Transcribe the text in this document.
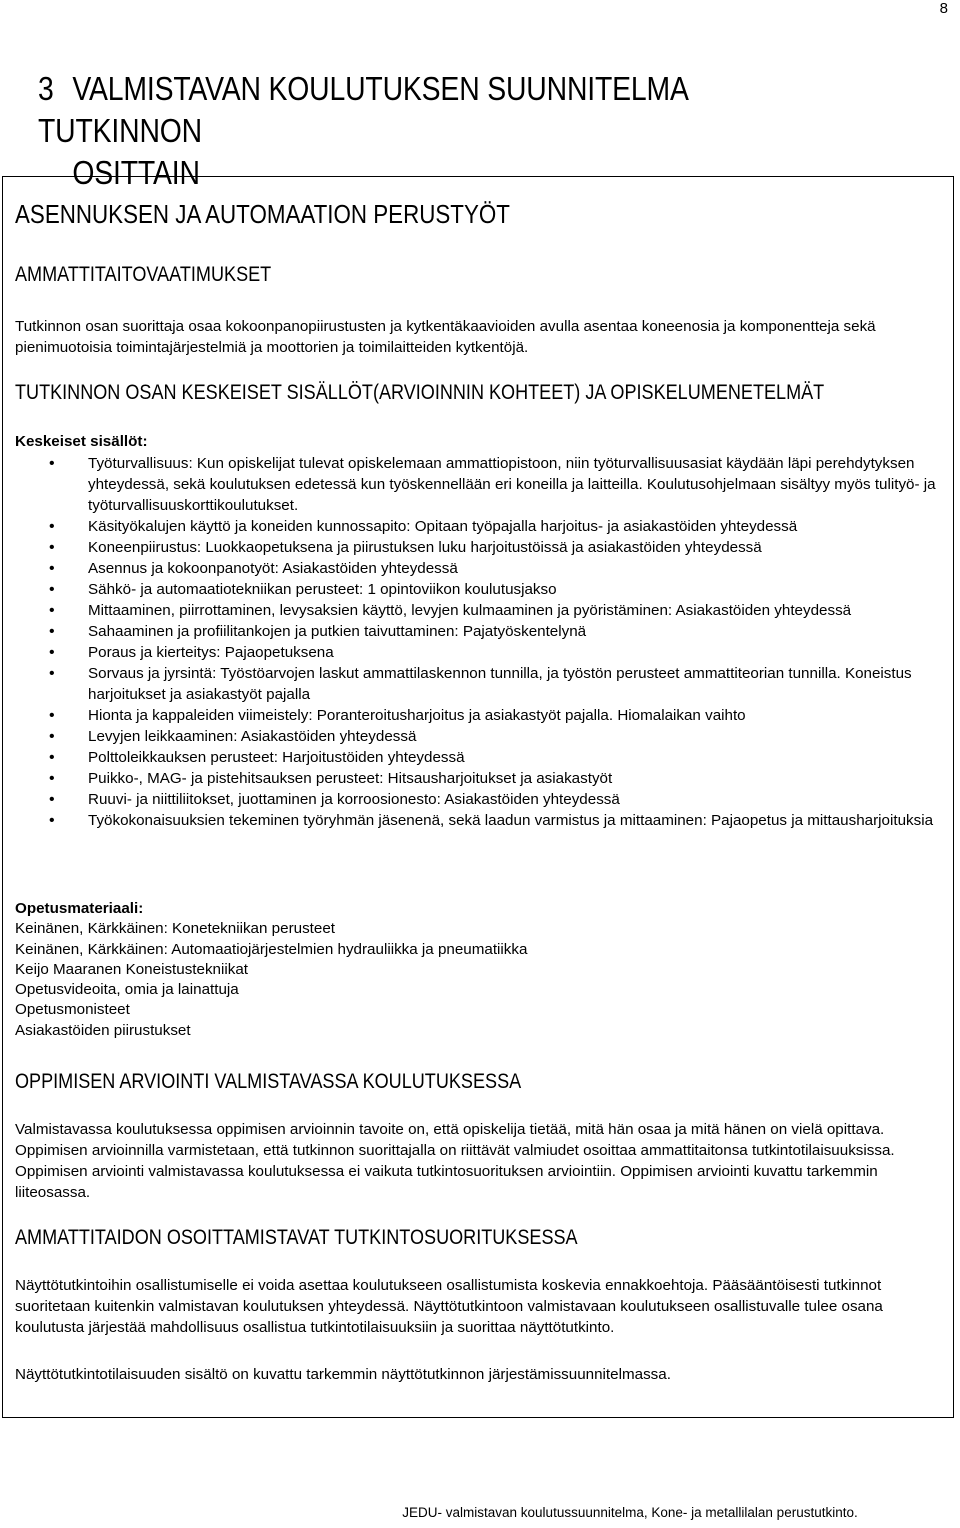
8
3 VALMISTAVAN KOULUTUKSEN SUUNNITELMA TUTKINNON
OSITTAIN
ASENNUKSEN JA AUTOMAATION PERUSTYÖT
AMMATTITAITOVAATIMUKSET

Tutkinnon osan suorittaja osaa kokoonpanopiirustusten ja kytkentäkaavioiden avulla asentaa koneenosia ja komponentteja sekä pienimuotoisia toimintajärjestelmiä ja moottorien ja toimilaitteiden kytkentöjä.

TUTKINNON OSAN KESKEISET SISÄLLÖT(ARVIOINNIN KOHTEET) JA OPISKELUMENETELMÄT

Keskeiset sisällöt:

• Työturvallisuus: Kun opiskelijat tulevat opiskelemaan ammattiopistoon, niin työturvallisuusasiat käydään läpi perehdytyksen yhteydessä, sekä koulutuksen edetessä kun työskennellään eri koneilla ja laitteilla. Koulutusohjelmaan sisältyy myös tulityö- ja työturvallisuuskorttikoulutukset.
• Käsityökalujen käyttö ja koneiden kunnossapito: Opitaan työpajalla harjoitus- ja asiakastöiden yhteydessä
• Koneenpiirustus: Luokkaopetuksena ja piirustuksen luku harjoitustöissä ja asiakastöiden yhteydessä
• Asennus ja kokoonpanotyöt: Asiakastöiden yhteydessä
• Sähkö- ja automaatiotekniikan perusteet: 1 opintoviikon koulutusjakso
• Mittaaminen, piirrottaminen, levysaksien käyttö, levyjen kulmaaminen ja pyöristäminen: Asiakastöiden yhteydessä
• Sahaaminen ja profiilitankojen ja putkien taivuttaminen: Pajatyöskentelynä
• Poraus ja kierteitys: Pajaopetuksena
• Sorvaus ja jyrsintä: Työstöarvojen laskut ammattilaskennon tunnilla, ja työstön perusteet ammattiteorian tunnilla. Koneistus harjoitukset ja asiakastyöt pajalla
• Hionta ja kappaleiden viimeistely: Poranteroitusharjoitus ja asiakastyöt pajalla. Hiomalaikan vaihto
• Levyjen leikkaaminen: Asiakastöiden yhteydessä
• Polttoleikkauksen perusteet: Harjoitustöiden yhteydessä
• Puikko-, MAG- ja pistehitsauksen perusteet: Hitsausharjoitukset ja asiakastyöt
• Ruuvi- ja niittiliitokset, juottaminen ja korroosionesto: Asiakastöiden yhteydessä
• Työkokonaisuuksien tekeminen työryhmän jäsenenä, sekä laadun varmistus ja mittaaminen: Pajaopetus ja mittausharjoituksia
Opetusmateriaali:
Keinänen, Kärkkäinen: Konetekniikan perusteet
Keinänen, Kärkkäinen: Automaatiojärjestelmien hydrauliikka ja pneumatiikka
Keijo Maaranen Koneistustekniikat
Opetusvideoita, omia ja lainattuja
Opetusmonisteet
Asiakastöiden piirustukset
OPPIMISEN ARVIOINTI VALMISTAVASSA KOULUTUKSESSA

Valmistavassa koulutuksessa oppimisen arvioinnin tavoite on, että opiskelija tietää, mitä hän osaa ja mitä hänen on vielä opittava. Oppimisen arvioinnilla varmistetaan, että tutkinnon suorittajalla on riittävät valmiudet osoittaa ammattitaitonsa tutkintotilaisuuksissa. Oppimisen arviointi valmistavassa koulutuksessa ei vaikuta tutkintosuorituksen arviointiin. Oppimisen arviointi kuvattu tarkemmin liiteosassa.

AMMATTITAIDON OSOITTAMISTAVAT TUTKINTOSUORITUKSESSA

Näyttötutkintoihin osallistumiselle ei voida asettaa koulutukseen osallistumista koskevia ennakkoehtoja. Pääsääntöisesti tutkinnot suoritetaan kuitenkin valmistavan koulutuksen yhteydessä. Näyttötutkintoon valmistavaan koulutukseen osallistuvalle tulee osana koulutusta järjestää mahdollisuus osallistua tutkintotilaisuuksiin ja suorittaa näyttötutkinto.

Näyttötutkintotilaisuuden sisältö on kuvattu tarkemmin näyttötutkinnon järjestämissuunnitelmassa.

JEDU- valmistavan koulutussuunnitelma, Kone- ja metallilalan perustutkinto.
